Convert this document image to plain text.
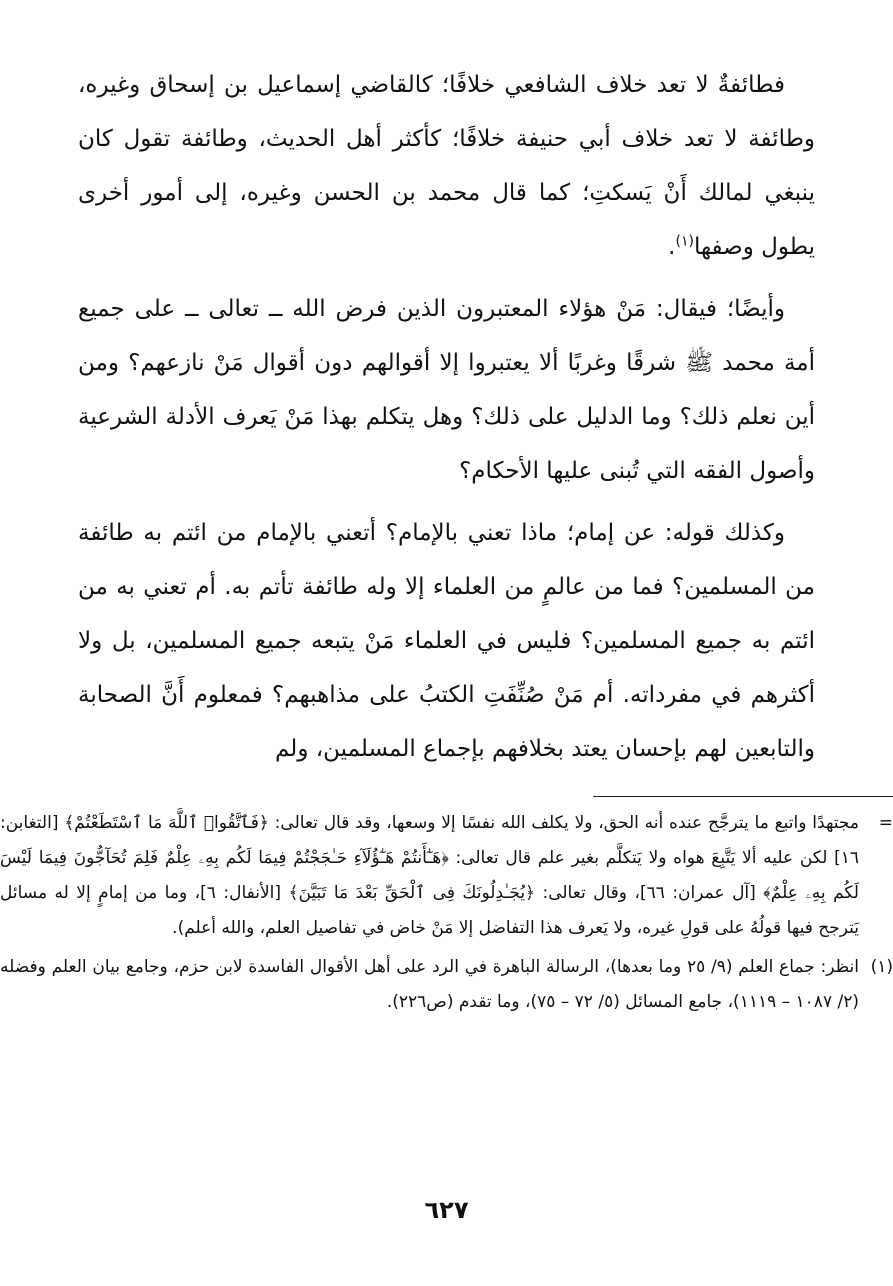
فطائفةٌ لا تعد خلاف الشافعي خلافًا؛ كالقاضي إسماعيل بن إسحاق وغيره، وطائفة لا تعد خلاف أبي حنيفة خلافًا؛ كأكثر أهل الحديث، وطائفة تقول كان ينبغي لمالك أَنْ يَسكتِ؛ كما قال محمد بن الحسن وغيره، إلى أمور أخرى يطول وصفها$^{(١)}$.

وأيضًا؛ فيقال: مَنْ هؤلاء المعتبرون الذين فرض الله ــ تعالى ــ على جميع أمة محمد ﷺ شرقًا وغربًا ألا يعتبروا إلا أقوالهم دون أقوال مَنْ نازعهم؟ ومن أين نعلم ذلك؟ وما الدليل على ذلك؟ وهل يتكلم بهذا مَنْ يَعرف الأدلة الشرعية وأصول الفقه التي تُبنى عليها الأحكام؟

وكذلك قوله: عن إمام؛ ماذا تعني بالإمام؟ أتعني بالإمام من ائتم به طائفة من المسلمين؟ فما من عالمٍ من العلماء إلا وله طائفة تأتم به. أم تعني به من ائتم به جميع المسلمين؟ فليس في العلماء مَنْ يتبعه جميع المسلمين، بل ولا أكثرهم في مفرداته. أم مَنْ صُنِّفَتِ الكتبُ على مذاهبهم؟ فمعلوم أَنَّ الصحابة والتابعين لهم بإحسان يعتد بخلافهم بإجماع المسلمين، ولم

=
مجتهدًا واتبع ما يترجَّح عنده أنه الحق، ولا يكلف الله نفسًا إلا وسعها، وقد قال تعالى: ﴿فَٱتَّقُوا۟ ٱللَّهَ مَا ٱسْتَطَعْتُمْ﴾ [التغابن: ١٦] لكن عليه ألا يَتَّبِعَ هواه ولا يَتكلَّم بغير علم قال تعالى: ﴿هَـٰٓأَنتُمْ هَـٰٓؤُلَآءِ حَـٰجَجْتُمْ فِيمَا لَكُم بِهِۦ عِلْمٌ فَلِمَ تُحَآجُّونَ فِيمَا لَيْسَ لَكُم بِهِۦ عِلْمٌ﴾ [آل عمران: ٦٦]، وقال تعالى: ﴿يُجَـٰدِلُونَكَ فِى ٱلْحَقِّ بَعْدَ مَا تَبَيَّنَ﴾ [الأنفال: ٦]، وما من إمامٍ إلا له مسائل يَترجح فيها قولُهُ على قولِ غيره، ولا يَعرف هذا التفاضل إلا مَنْ خاض في تفاصيل العلم، والله أعلم).
(١)
انظر: جماع العلم (٩/ ٢٥ وما بعدها)، الرسالة الباهرة في الرد على أهل الأقوال الفاسدة لابن حزم، وجامع بيان العلم وفضله (٢/ ١٠٨٧ – ١١١٩)، جامع المسائل (٥/ ٧٢ – ٧٥)، وما تقدم (ص٢٢٦).
٦٢٧
